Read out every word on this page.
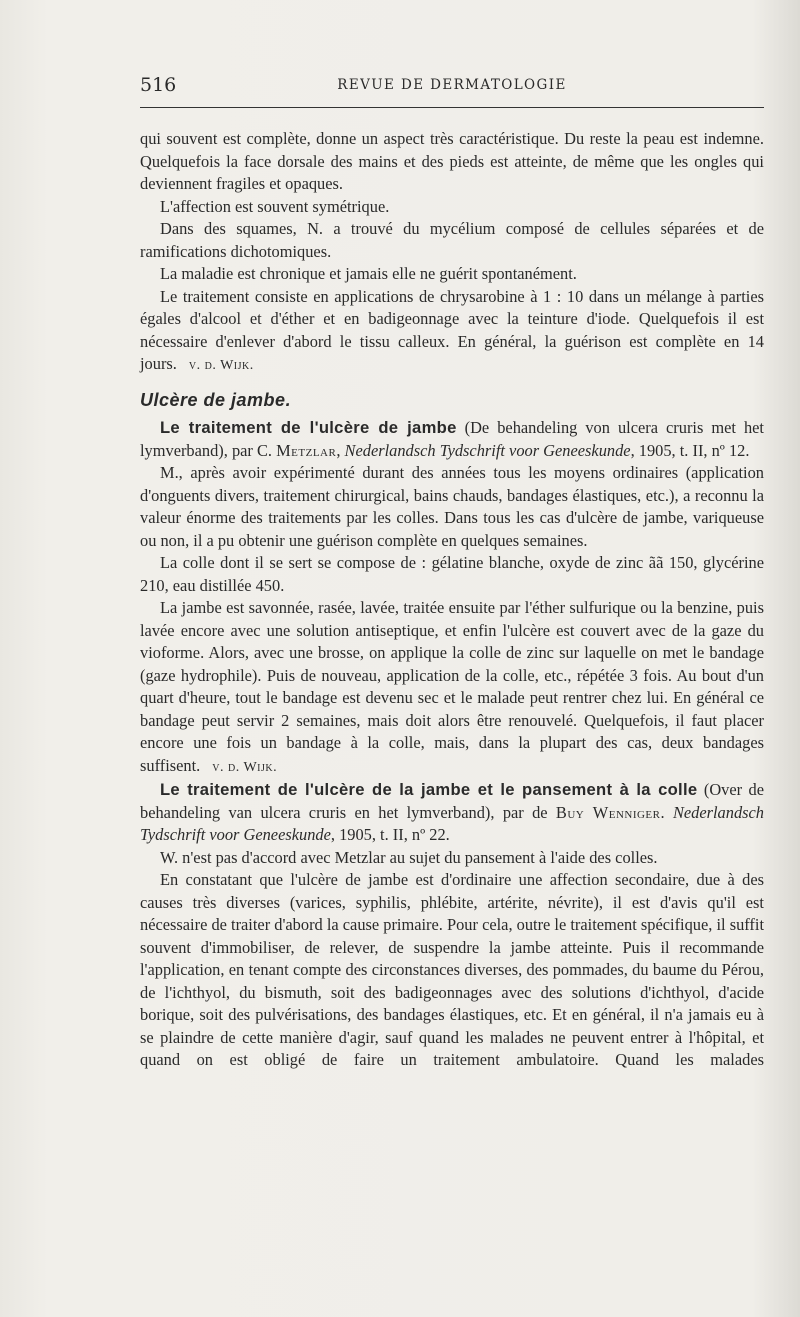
516	REVUE DE DERMATOLOGIE

qui souvent est complète, donne un aspect très caractéristique. Du reste la peau est indemne. Quelquefois la face dorsale des mains et des pieds est atteinte, de même que les ongles qui deviennent fragiles et opaques.

L'affection est souvent symétrique.

Dans des squames, N. a trouvé du mycélium composé de cellules séparées et de ramifications dichotomiques.

La maladie est chronique et jamais elle ne guérit spontanément.

Le traitement consiste en applications de chrysarobine à 1 : 10 dans un mélange à parties égales d'alcool et d'éther et en badigeonnage avec la teinture d'iode. Quelquefois il est nécessaire d'enlever d'abord le tissu calleux. En général, la guérison est complète en 14 jours. v. d. Wijk.

Ulcère de jambe.

Le traitement de l'ulcère de jambe (De behandeling von ulcera cruris met het lymverband), par C. Metzlar, Nederlandsch Tydschrift voor Geneeskunde, 1905, t. II, nº 12.

M., après avoir expérimenté durant des années tous les moyens ordinaires (application d'onguents divers, traitement chirurgical, bains chauds, bandages élastiques, etc.), a reconnu la valeur énorme des traitements par les colles. Dans tous les cas d'ulcère de jambe, variqueuse ou non, il a pu obtenir une guérison complète en quelques semaines.

La colle dont il se sert se compose de : gélatine blanche, oxyde de zinc ãã 150, glycérine 210, eau distillée 450.

La jambe est savonnée, rasée, lavée, traitée ensuite par l'éther sulfurique ou la benzine, puis lavée encore avec une solution antiseptique, et enfin l'ulcère est couvert avec de la gaze du vioforme. Alors, avec une brosse, on applique la colle de zinc sur laquelle on met le bandage (gaze hydrophile). Puis de nouveau, application de la colle, etc., répétée 3 fois. Au bout d'un quart d'heure, tout le bandage est devenu sec et le malade peut rentrer chez lui. En général ce bandage peut servir 2 semaines, mais doit alors être renouvelé. Quelquefois, il faut placer encore une fois un bandage à la colle, mais, dans la plupart des cas, deux bandages suffisent. v. d. Wijk.

Le traitement de l'ulcère de la jambe et le pansement à la colle (Over de behandeling van ulcera cruris en het lymverband), par de Buy Wenniger. Nederlandsch Tydschrift voor Geneeskunde, 1905, t. II, nº 22.

W. n'est pas d'accord avec Metzlar au sujet du pansement à l'aide des colles.

En constatant que l'ulcère de jambe est d'ordinaire une affection secondaire, due à des causes très diverses (varices, syphilis, phlébite, artérite, névrite), il est d'avis qu'il est nécessaire de traiter d'abord la cause primaire. Pour cela, outre le traitement spécifique, il suffit souvent d'immobiliser, de relever, de suspendre la jambe atteinte. Puis il recommande l'application, en tenant compte des circonstances diverses, des pommades, du baume du Pérou, de l'ichthyol, du bismuth, soit des badigeonnages avec des solutions d'ichthyol, d'acide borique, soit des pulvérisations, des bandages élastiques, etc. Et en général, il n'a jamais eu à se plaindre de cette manière d'agir, sauf quand les malades ne peuvent entrer à l'hôpital, et quand on est obligé de faire un traitement ambulatoire. Quand les malades
